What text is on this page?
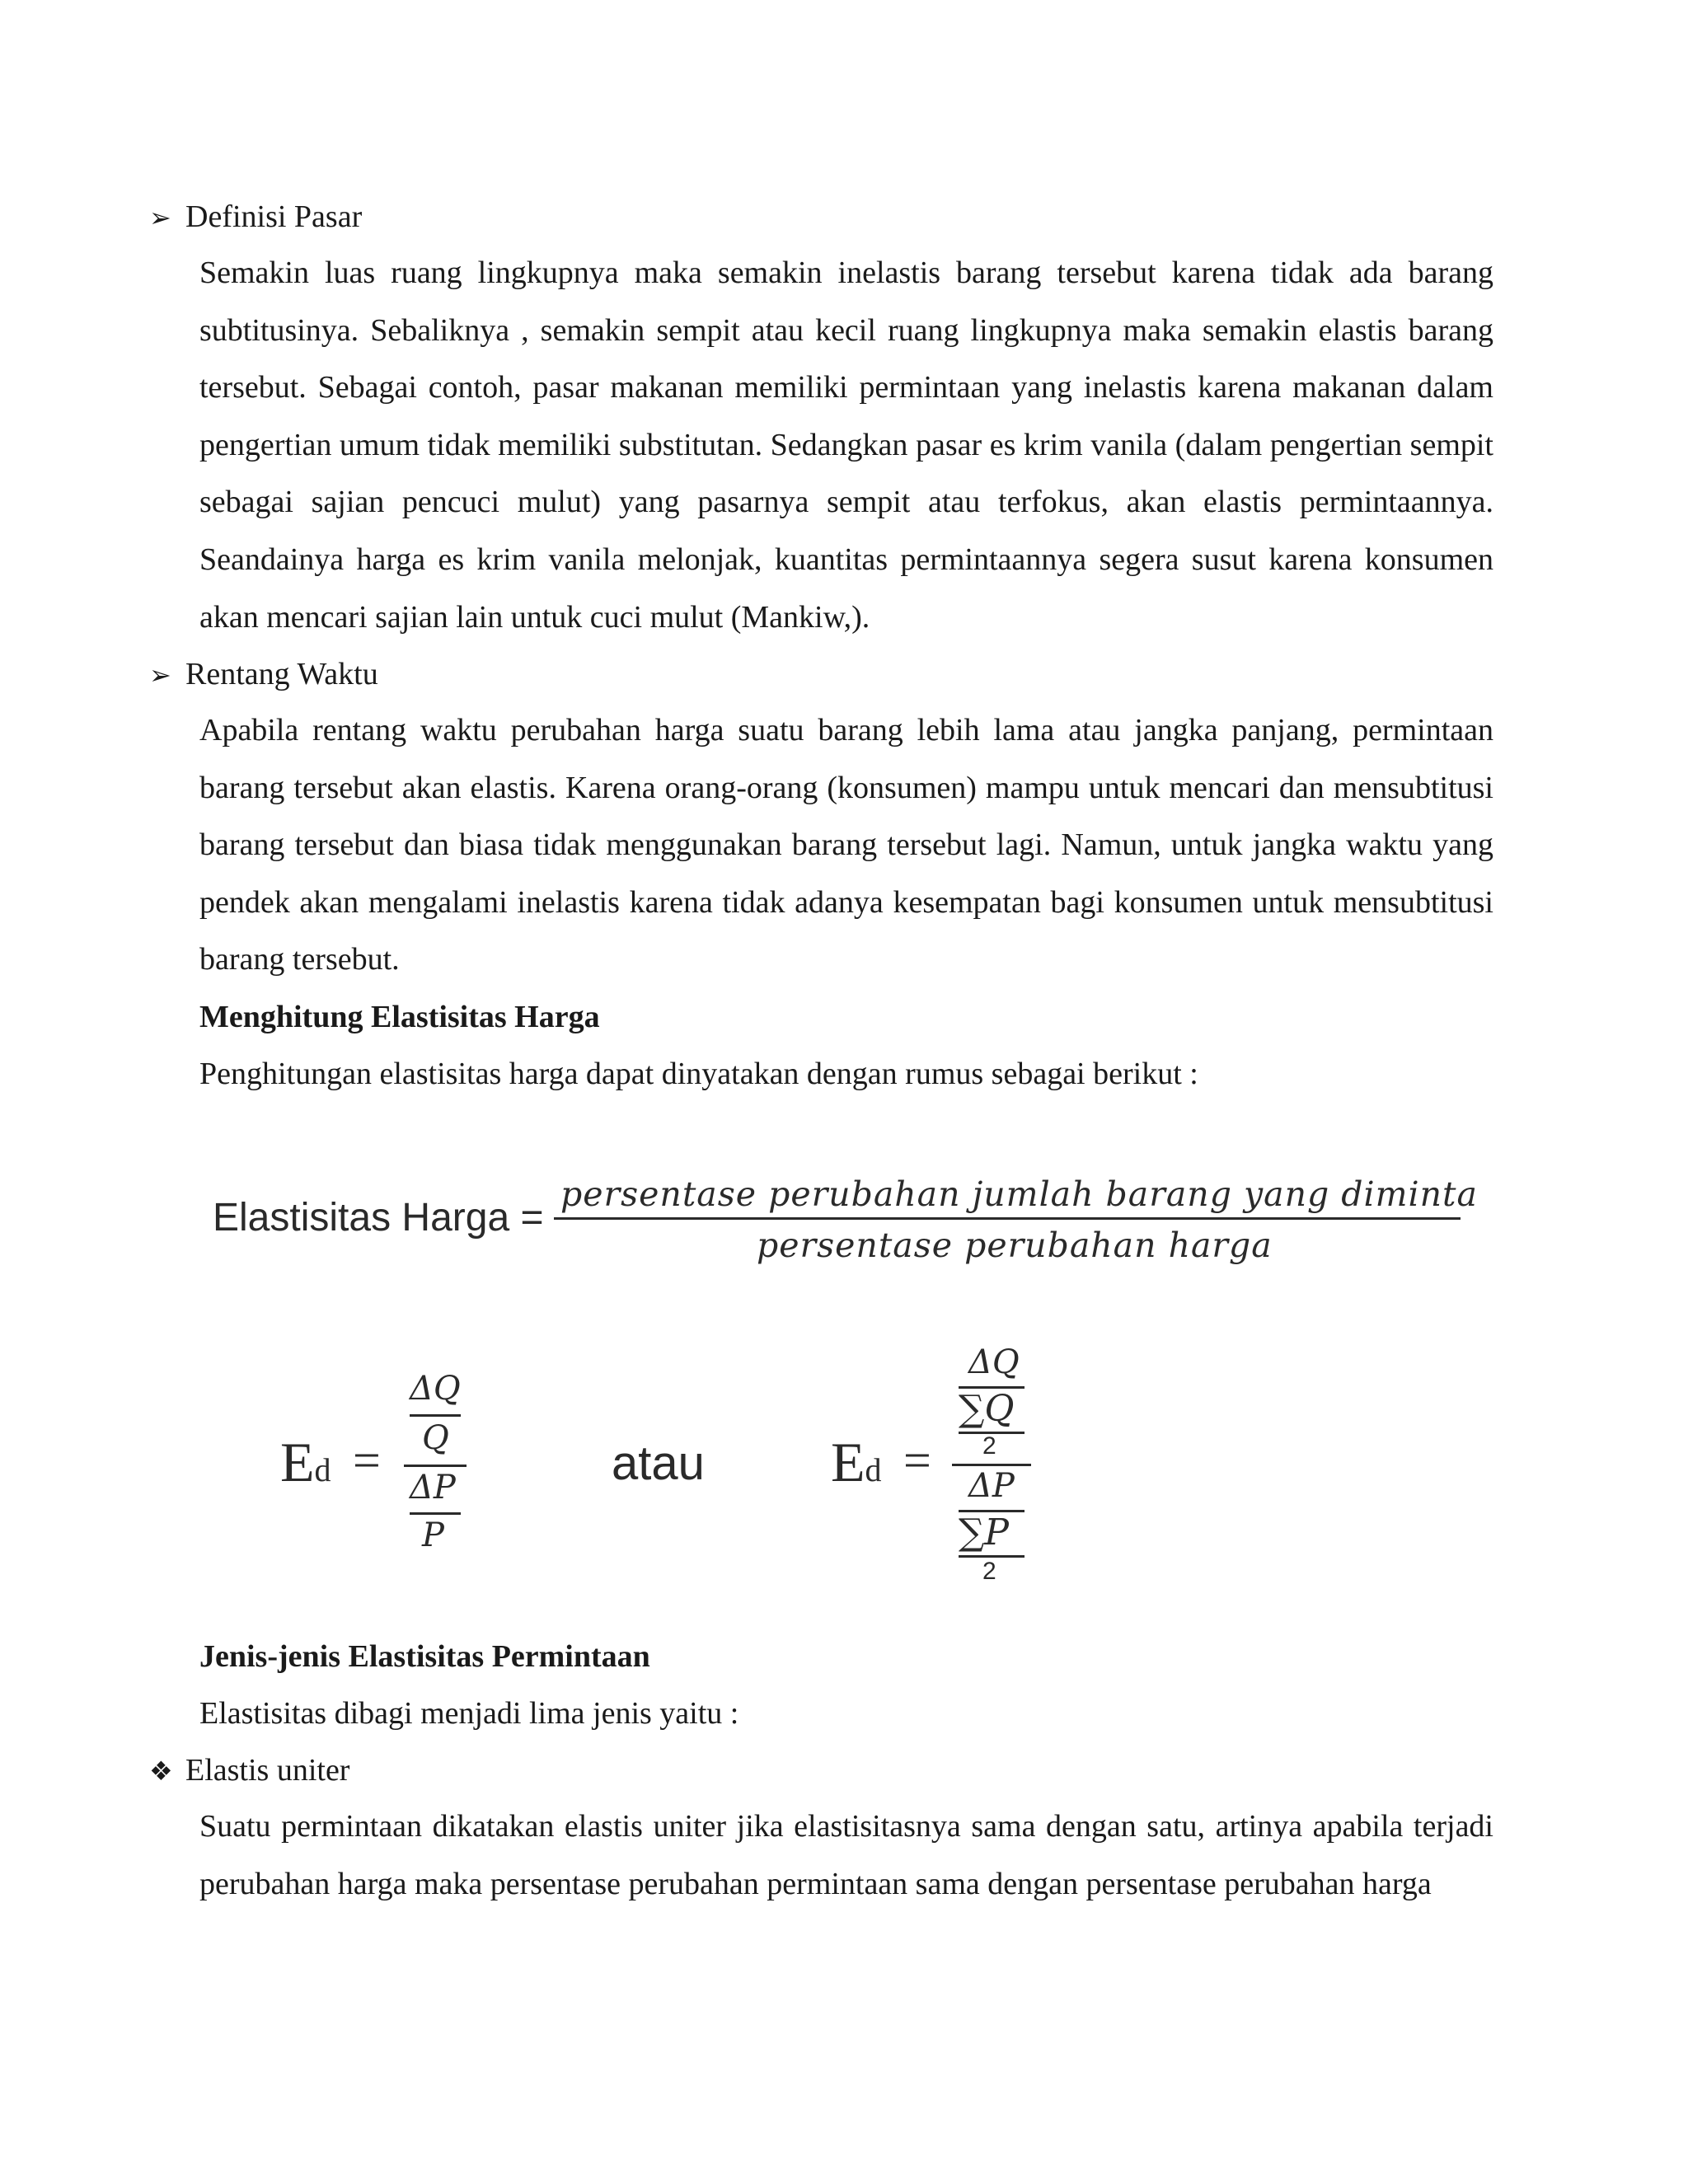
➢ Definisi Pasar
Semakin luas ruang lingkupnya maka semakin inelastis barang tersebut karena tidak ada barang subtitusinya. Sebaliknya , semakin sempit atau kecil ruang lingkupnya maka semakin elastis barang tersebut. Sebagai contoh, pasar makanan memiliki permintaan yang inelastis karena makanan dalam pengertian umum tidak memiliki substitutan. Sedangkan pasar es krim vanila (dalam pengertian sempit sebagai sajian pencuci mulut) yang pasarnya sempit atau terfokus, akan elastis permintaannya. Seandainya harga es krim vanila melonjak, kuantitas permintaannya segera susut karena konsumen akan mencari sajian lain untuk cuci mulut (Mankiw,).
➢ Rentang Waktu
Apabila rentang waktu perubahan harga suatu barang lebih lama atau jangka panjang, permintaan barang tersebut akan elastis. Karena orang-orang (konsumen) mampu untuk mencari dan mensubtitusi barang tersebut dan biasa tidak menggunakan barang tersebut lagi. Namun, untuk jangka waktu yang pendek akan mengalami inelastis karena tidak adanya kesempatan bagi konsumen untuk mensubtitusi barang tersebut.
Menghitung Elastisitas Harga
Penghitungan elastisitas harga dapat dinyatakan dengan rumus sebagai berikut :
Elastisitas Harga =
persentase perubahan jumlah barang yang diminta
persentase perubahan harga
Ed =
ΔQ
Q
ΔP
P
atau Ed =
ΔQ
∑Q
2
ΔP
∑P
2
Jenis-jenis Elastisitas Permintaan
Elastisitas dibagi menjadi lima jenis yaitu :
❖ Elastis uniter
Suatu permintaan dikatakan elastis uniter jika elastisitasnya sama dengan satu, artinya apabila terjadi perubahan harga maka persentase perubahan permintaan sama dengan persentase perubahan harga
